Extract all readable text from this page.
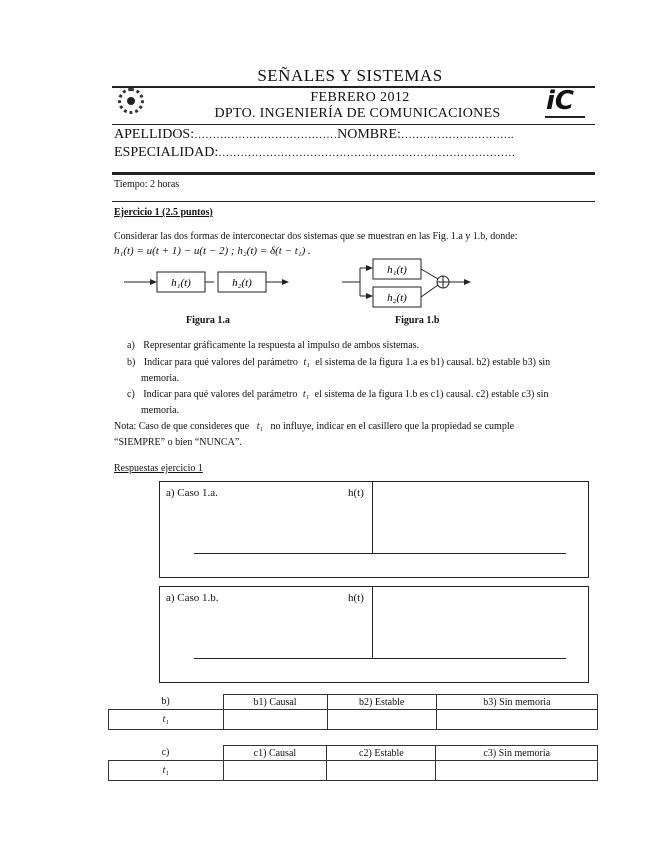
SEÑALES Y SISTEMAS
FEBRERO 2012
DPTO. INGENIERÍA DE COMUNICACIONES	iC
APELLIDOS:…………………………………NOMBRE:………………………….
ESPECIALIDAD:………………………………………………………………………
Tiempo: 2 horas
Ejercicio 1 (2.5 puntos)
Considerar las dos formas de interconectar dos sistemas que se muestran en las Fig. 1.a y 1.b, donde:
h₁(t) = u(t + 1) − u(t − 2) ; h₂(t) = δ(t − t₁) .
h₁(t)	h₂(t)
h₁(t)
h₂(t)
Figura 1.a	Figura 1.b
a) Representar gráficamente la respuesta al impulso de ambos sistemas.
b) Indicar para qué valores del parámetro t₁ el sistema de la figura 1.a es b1) causal. b2) estable b3) sin
memoria.
c) Indicar para qué valores del parámetro t₁ el sistema de la figura 1.b es c1) causal. c2) estable c3) sin
memoria.
Nota: Caso de que consideres que t₁ no influye, indicar en el casillero que la propiedad se cumple
“SIEMPRE” o bien “NUNCA”.
Respuestas ejercicio 1
a) Caso 1.a.	h(t)
a) Caso 1.b.	h(t)
b)	b1) Causal	b2) Estable	b3) Sin memoria
t₁			
c)	c1) Causal	c2) Estable	c3) Sin memoria
t₁			
